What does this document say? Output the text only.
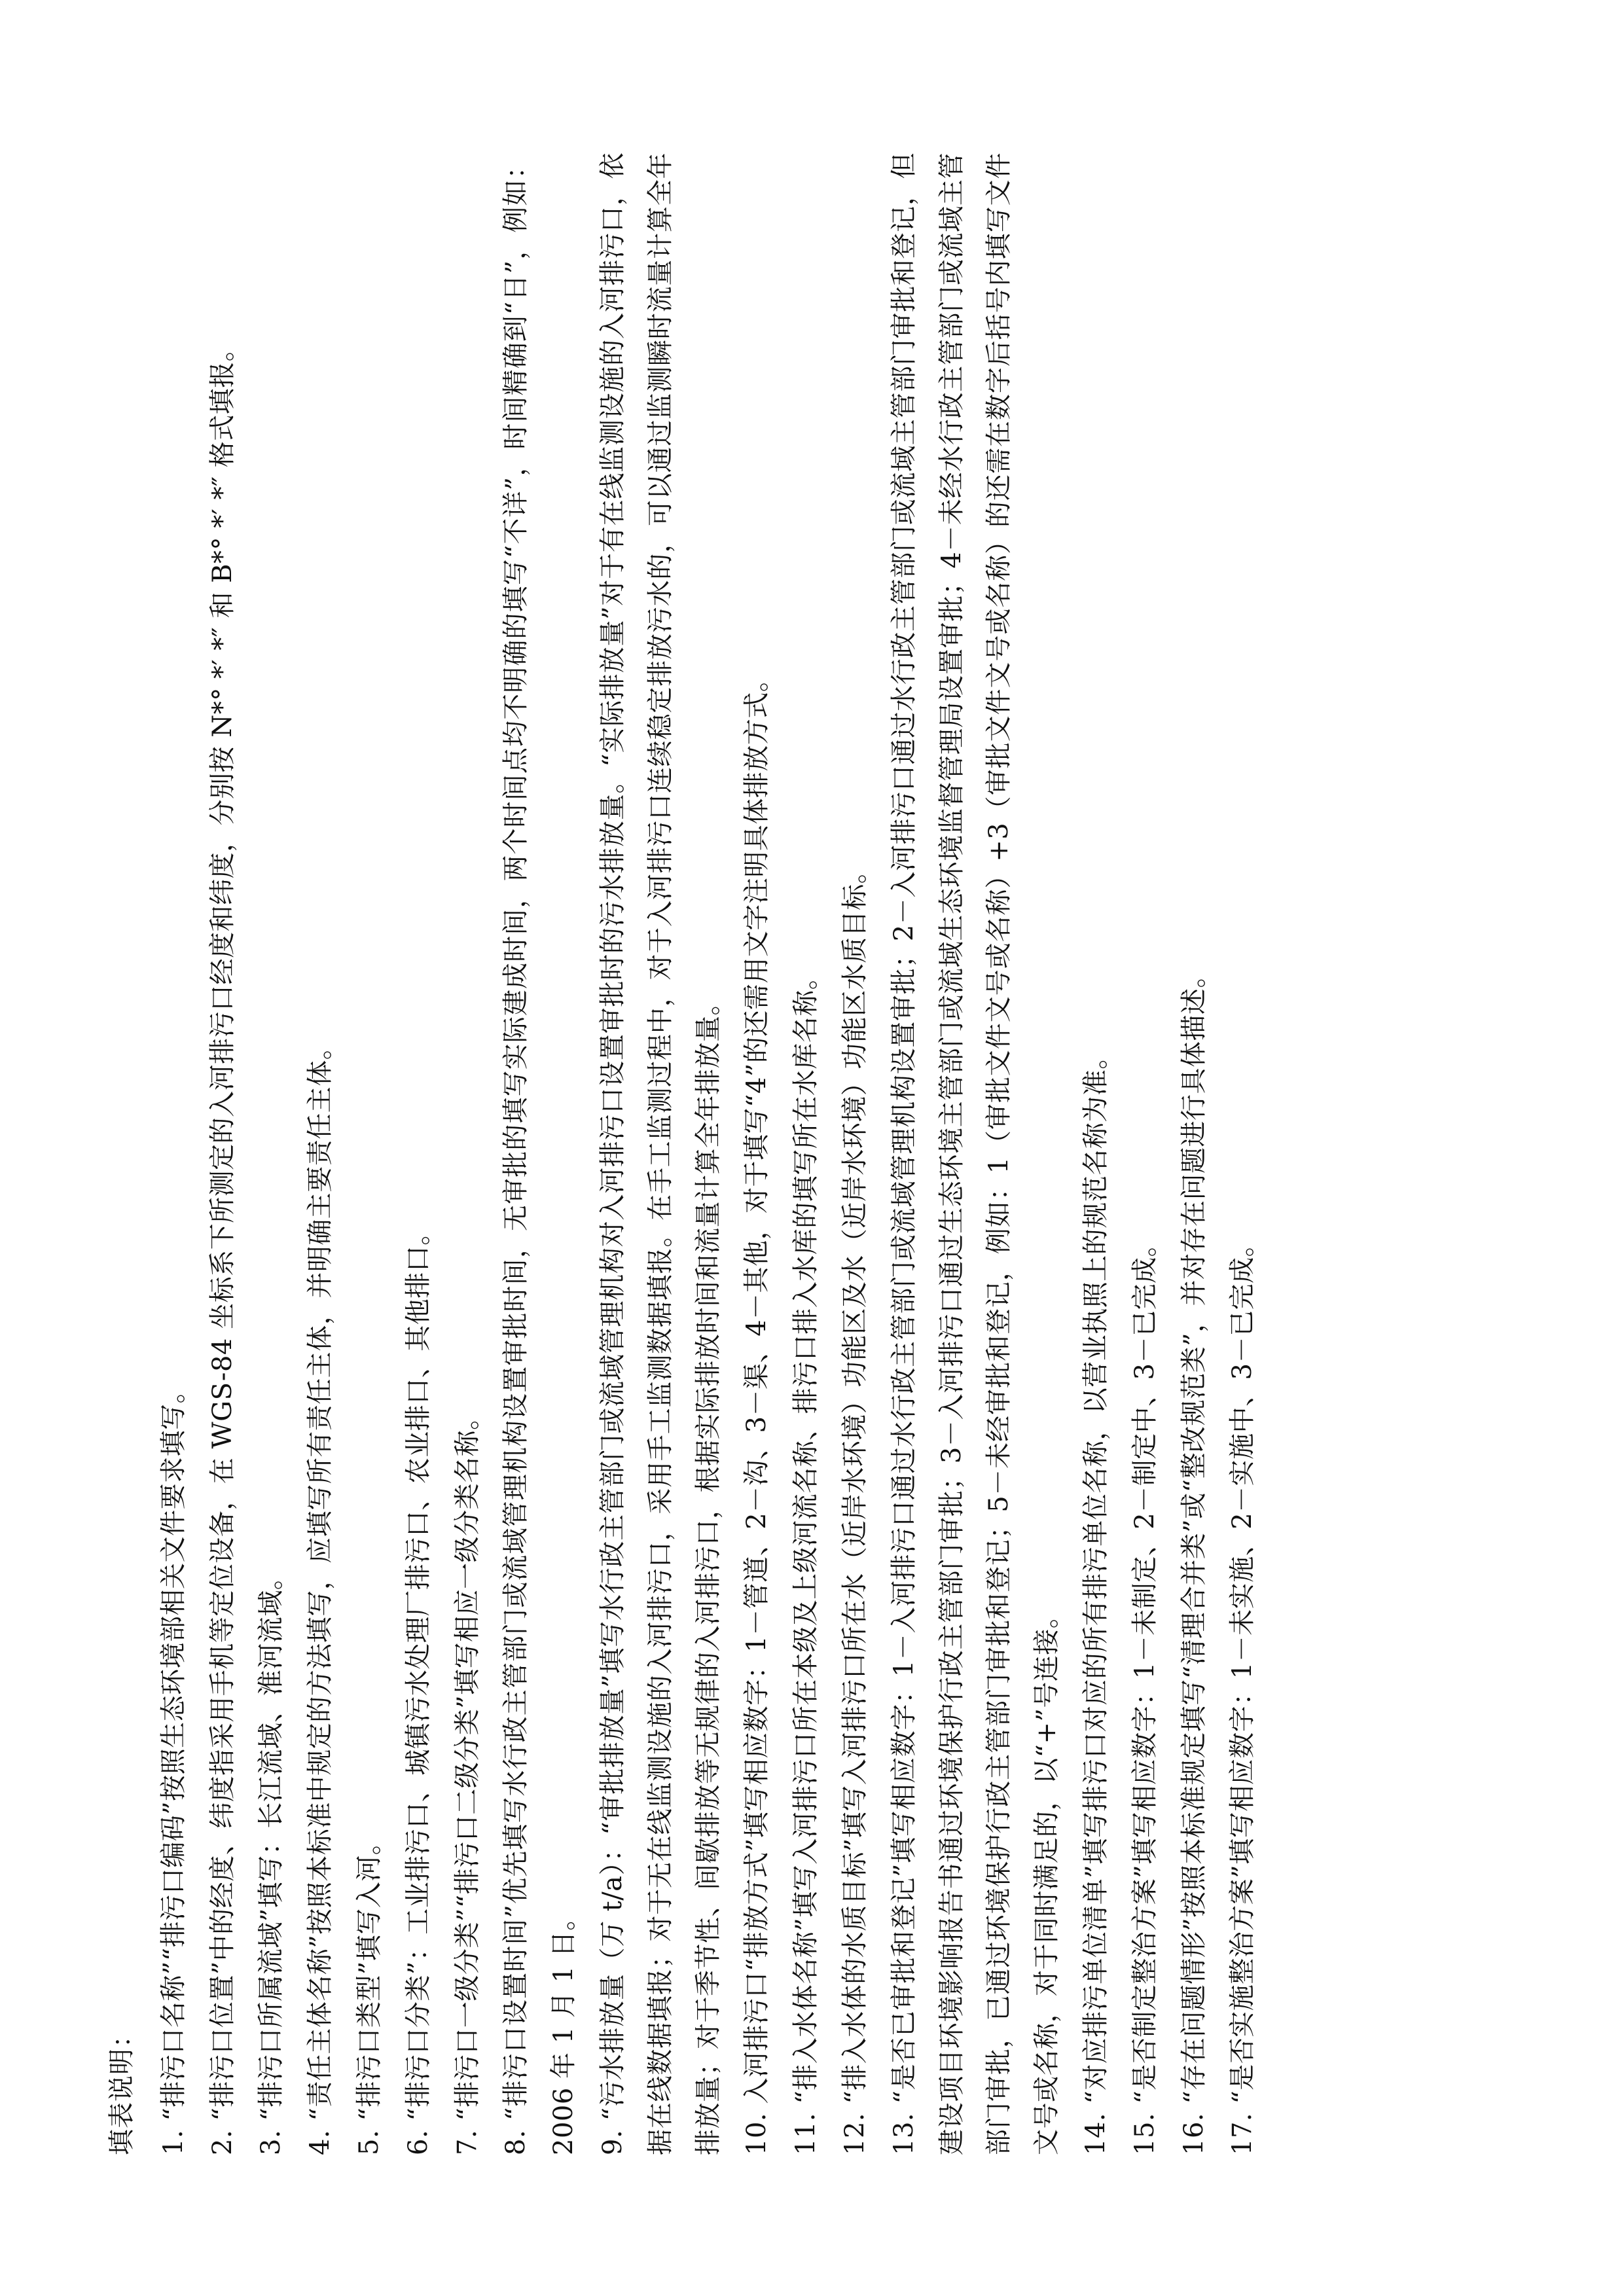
填表说明： 1. “排污口名称”“排污口编码”按照生态环境部相关文件要求填写。
2. “排污口位置”中的经度、纬度指采用手机等定位设备，在 WGS-84 坐标系下所测定的入河排污口经度和纬度，分别按 N*° *′ *″ 和 B*° *′ *″ 格式填报。
3. “排污口所属流域”填写：长江流域、淮河流域。
4. “责任主体名称”按照本标准中规定的方法填写，应填写所有责任主体，并明确主要责任主体。
5. “排污口类型”填写入河。
6. “排污口分类”：工业排污口、城镇污水处理厂排污口、农业排口、其他排口。
7. “排污口一级分类”“排污口二级分类”填写相应一级分类名称。
8. “排污口设置时间”优先填写水行政主管部门或流域管理机构设置审批时间，无审批的填写实际建成时间，两个时间点均不明确的填写“不详”，时间精确到“日”，例如：2006 年 1 月 1 日。 9. “污水排放量（万 t/a）：“审批排放量”填写水行政主管部门或流域管理机构对入河排污口设置审批时的污水排放量。“实际排放量”对于有在线监测设施的入河排污口，依据在线数据填报；对于无在线监测设施的入河排污口，采用手工监测数据填报。在手工监测过程中，对于入河排污口连续稳定排放污水的，可以通过监测瞬时流量计算全年排放量；对于季节性、间歇排放等无规律的入河排污口，根据实际排放时间和流量计算全年排放量。 10. 入河排污口“排放方式”填写相应数字：1－管道、2－沟、3－渠、4－其他，对于填写“4”的还需用文字注明具体排放方式。
11. “排入水体名称”填写入河排污口所在本级及上级河流名称、排污口排入水库的填写所在水库名称。
12. “排入水体的水质目标”填写入河排污口所在水（近岸水环境）功能区及水（近岸水环境）功能区水质目标。
13. “是否已审批和登记”填写相应数字：1－入河排污口通过水行政主管部门或流域管理机构设置审批；2－入河排污口通过水行政主管部门或流域主管部门审批和登记，但建设项目环境影响报告书通过环境保护行政主管部门审批；3－入河排污口通过生态环境主管部门或流域生态环境监督管理局设置审批；4－未经水行政主管部门或流域主管部门审批，已通过环境保护行政主管部门审批和登记；5－未经审批和登记，例如：1（审批文件文号或名称）+3（审批文件文号或名称）的还需在数字后括号内填写文件文号或名称，对于同时满足的，以“+”号连接。 14. “对应排污单位清单”填写排污口对应的所有排污单位名称，以营业执照上的规范名称为准。
15. “是否制定整治方案”填写相应数字：1－未制定、2－制定中、3－已完成。
16. “存在问题情形”按照本标准规定填写“清理合并类”或“整改规范类”，并对存在问题进行具体描述。
17. “是否实施整治方案”填写相应数字：1－未实施、2－实施中、3－已完成。
